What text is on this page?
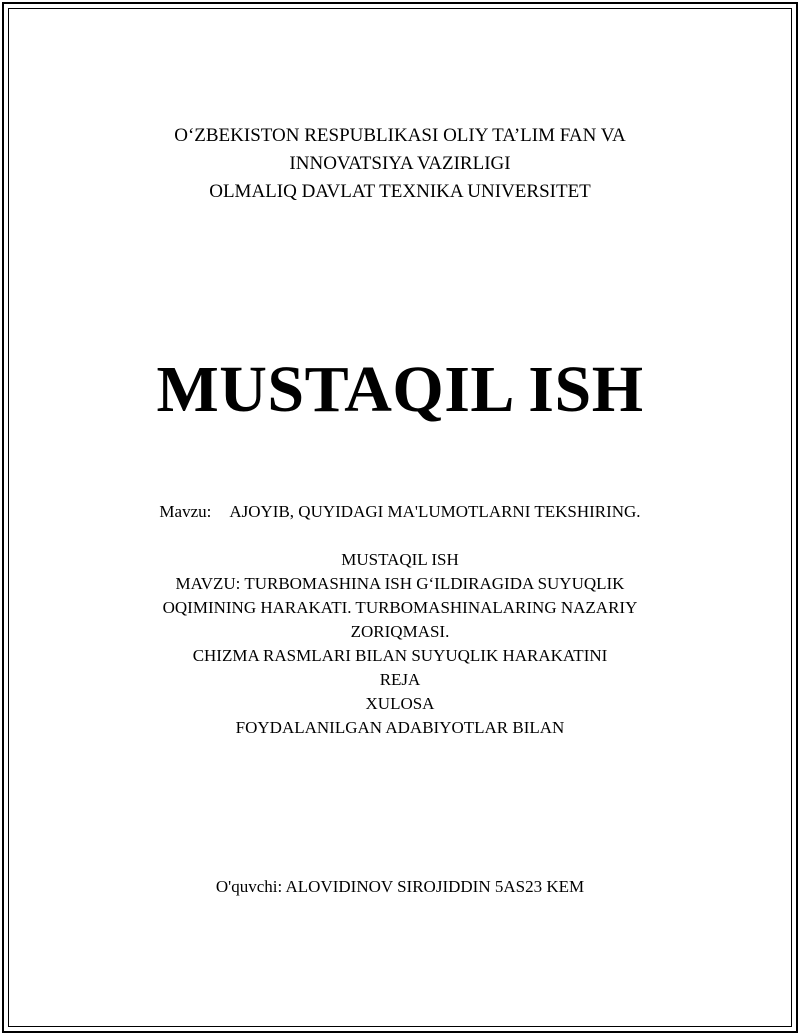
O‘ZBEKISTON RESPUBLIKASI OLIY TA’LIM FAN VA
INNOVATSIYA VAZIRLIGI
OLMALIQ DAVLAT TEXNIKA UNIVERSITET
MUSTAQIL ISH
Mavzu: AJOYIB, QUYIDAGI MA'LUMOTLARNI TEKSHIRING.
MUSTAQIL ISH
MAVZU: TURBOMASHINA ISH G‘ILDIRAGIDA SUYUQLIK
OQIMINING HARAKATI. TURBOMASHINALARING NAZARIY
ZORIQMASI.
CHIZMA RASMLARI BILAN SUYUQLIK HARAKATINI
REJA
XULOSA
FOYDALANILGAN ADABIYOTLAR BILAN
O'quvchi: ALOVIDINOV SIROJIDDIN 5AS23 KEM
